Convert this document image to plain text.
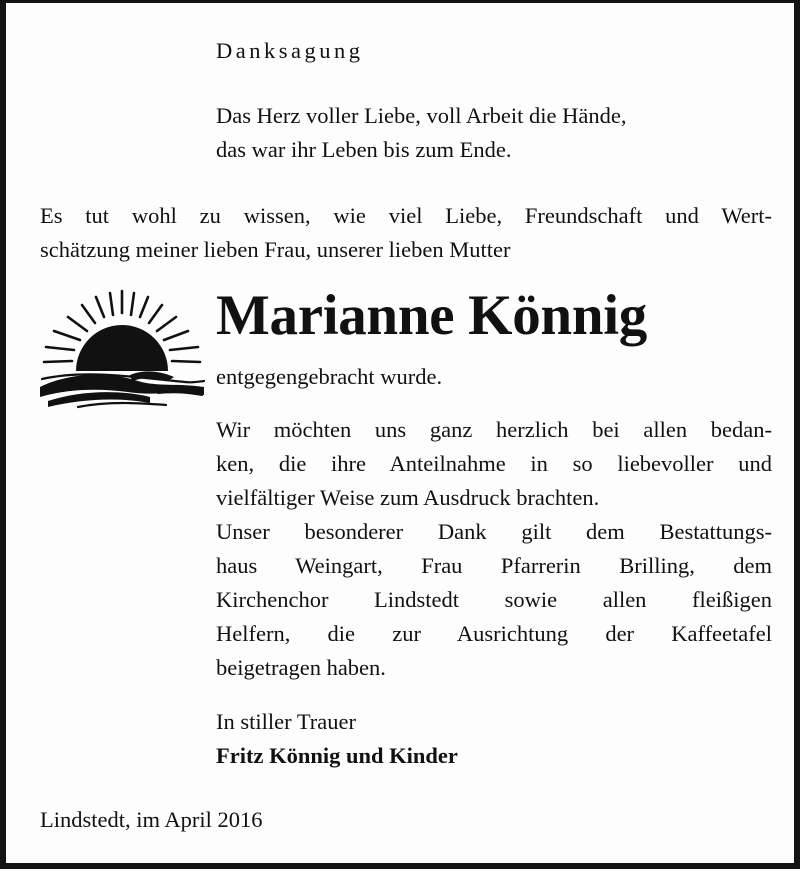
Danksagung
Das Herz voller Liebe, voll Arbeit die Hände,
das war ihr Leben bis zum Ende.
Es tut wohl zu wissen, wie viel Liebe, Freundschaft und Wert-
schätzung meiner lieben Frau, unserer lieben Mutter
Marianne Könnig
entgegengebracht wurde.
Wir möchten uns ganz herzlich bei allen bedan-
ken, die ihre Anteilnahme in so liebevoller und
vielfältiger Weise zum Ausdruck brachten.
Unser besonderer Dank gilt dem Bestattungs-
haus Weingart, Frau Pfarrerin Brilling, dem
Kirchenchor Lindstedt sowie allen fleißigen
Helfern, die zur Ausrichtung der Kaffeetafel
beigetragen haben.
In stiller Trauer
Fritz Könnig und Kinder
Lindstedt, im April 2016
